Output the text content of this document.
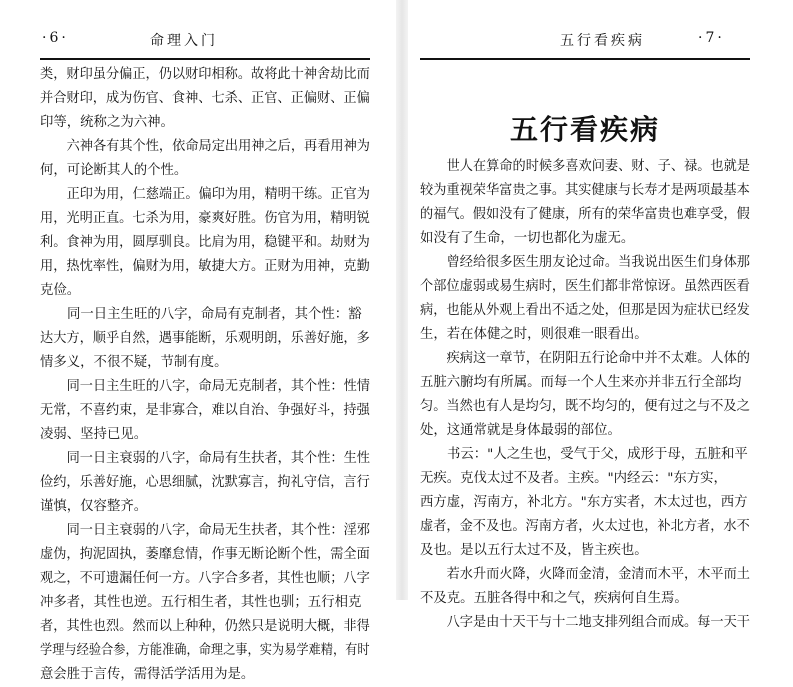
·6·	命理入门
类，财印虽分偏正，仍以财印相称。故将此十神舍劫比而
并合财印，成为伤官、食神、七杀、正官、正偏财、正偏
印等，统称之为六神。
六神各有其个性，依命局定出用神之后，再看用神为
何，可论断其人的个性。
正印为用，仁慈端正。偏印为用，精明干练。正官为
用，光明正直。七杀为用，豪爽好胜。伤官为用，精明锐
利。食神为用，圆厚驯良。比肩为用，稳键平和。劫财为
用，热忱率性，偏财为用，敏捷大方。正财为用神，克勤
克俭。
同一日主生旺的八字，命局有克制者，其个性：豁
达大方，顺乎自然，遇事能断，乐观明朗，乐善好施，多
情多义，不很不疑，节制有度。
同一日主生旺的八字，命局无克制者，其个性：性情
无常，不喜约束，是非寡合，难以自治、争强好斗，持强
凌弱、坚持已见。
同一日主衰弱的八字，命局有生扶者，其个性：生性
俭约，乐善好施，心思细腻，沈默寡言，拘礼守信，言行
谨慎，仅容整齐。
同一日主衰弱的八字，命局无生扶者，其个性：淫邪
虚伪，拘泥固执，萎靡怠情，作事无断论断个性，需全面
观之，不可遗漏任何一方。八字合多者，其性也顺；八字
冲多者，其性也逆。五行相生者，其性也驯；五行相克
者，其性也烈。然而以上种种，仍然只是说明大概，非得
学理与经验合参，方能准确，命理之事，实为易学难精，有时
意会胜于言传，需得活学活用为是。
五行看疾病	·7·
五行看疾病
世人在算命的时候多喜欢问妻、财、子、禄。也就是
较为重视荣华富贵之事。其实健康与长寿才是两项最基本
的福气。假如没有了健康，所有的荣华富贵也难享受，假
如没有了生命，一切也都化为虚无。
曾经给很多医生朋友论过命。当我说出医生们身体那
个部位虚弱或易生病时，医生们都非常惊讶。虽然西医看
病，也能从外观上看出不适之处，但那是因为症状已经发
生，若在体健之时，则很难一眼看出。
疾病这一章节，在阴阳五行论命中并不太难。人体的
五脏六腑均有所属。而每一个人生来亦并非五行全部均
匀。当然也有人是均匀，既不均匀的，便有过之与不及之
处，这通常就是身体最弱的部位。
书云："人之生也，受气于父，成形于母，五脏和平
无疾。克伐太过不及者。主疾。"内经云："东方实，
西方虚，泻南方，补北方。"东方实者，木太过也，西方
虚者，金不及也。泻南方者，火太过也，补北方者，水不
及也。是以五行太过不及，皆主疾也。
若水升而火降，火降而金清，金清而木平，木平而土
不及克。五脏各得中和之气，疾病何自生焉。
八字是由十天干与十二地支排列组合而成。每一天干
